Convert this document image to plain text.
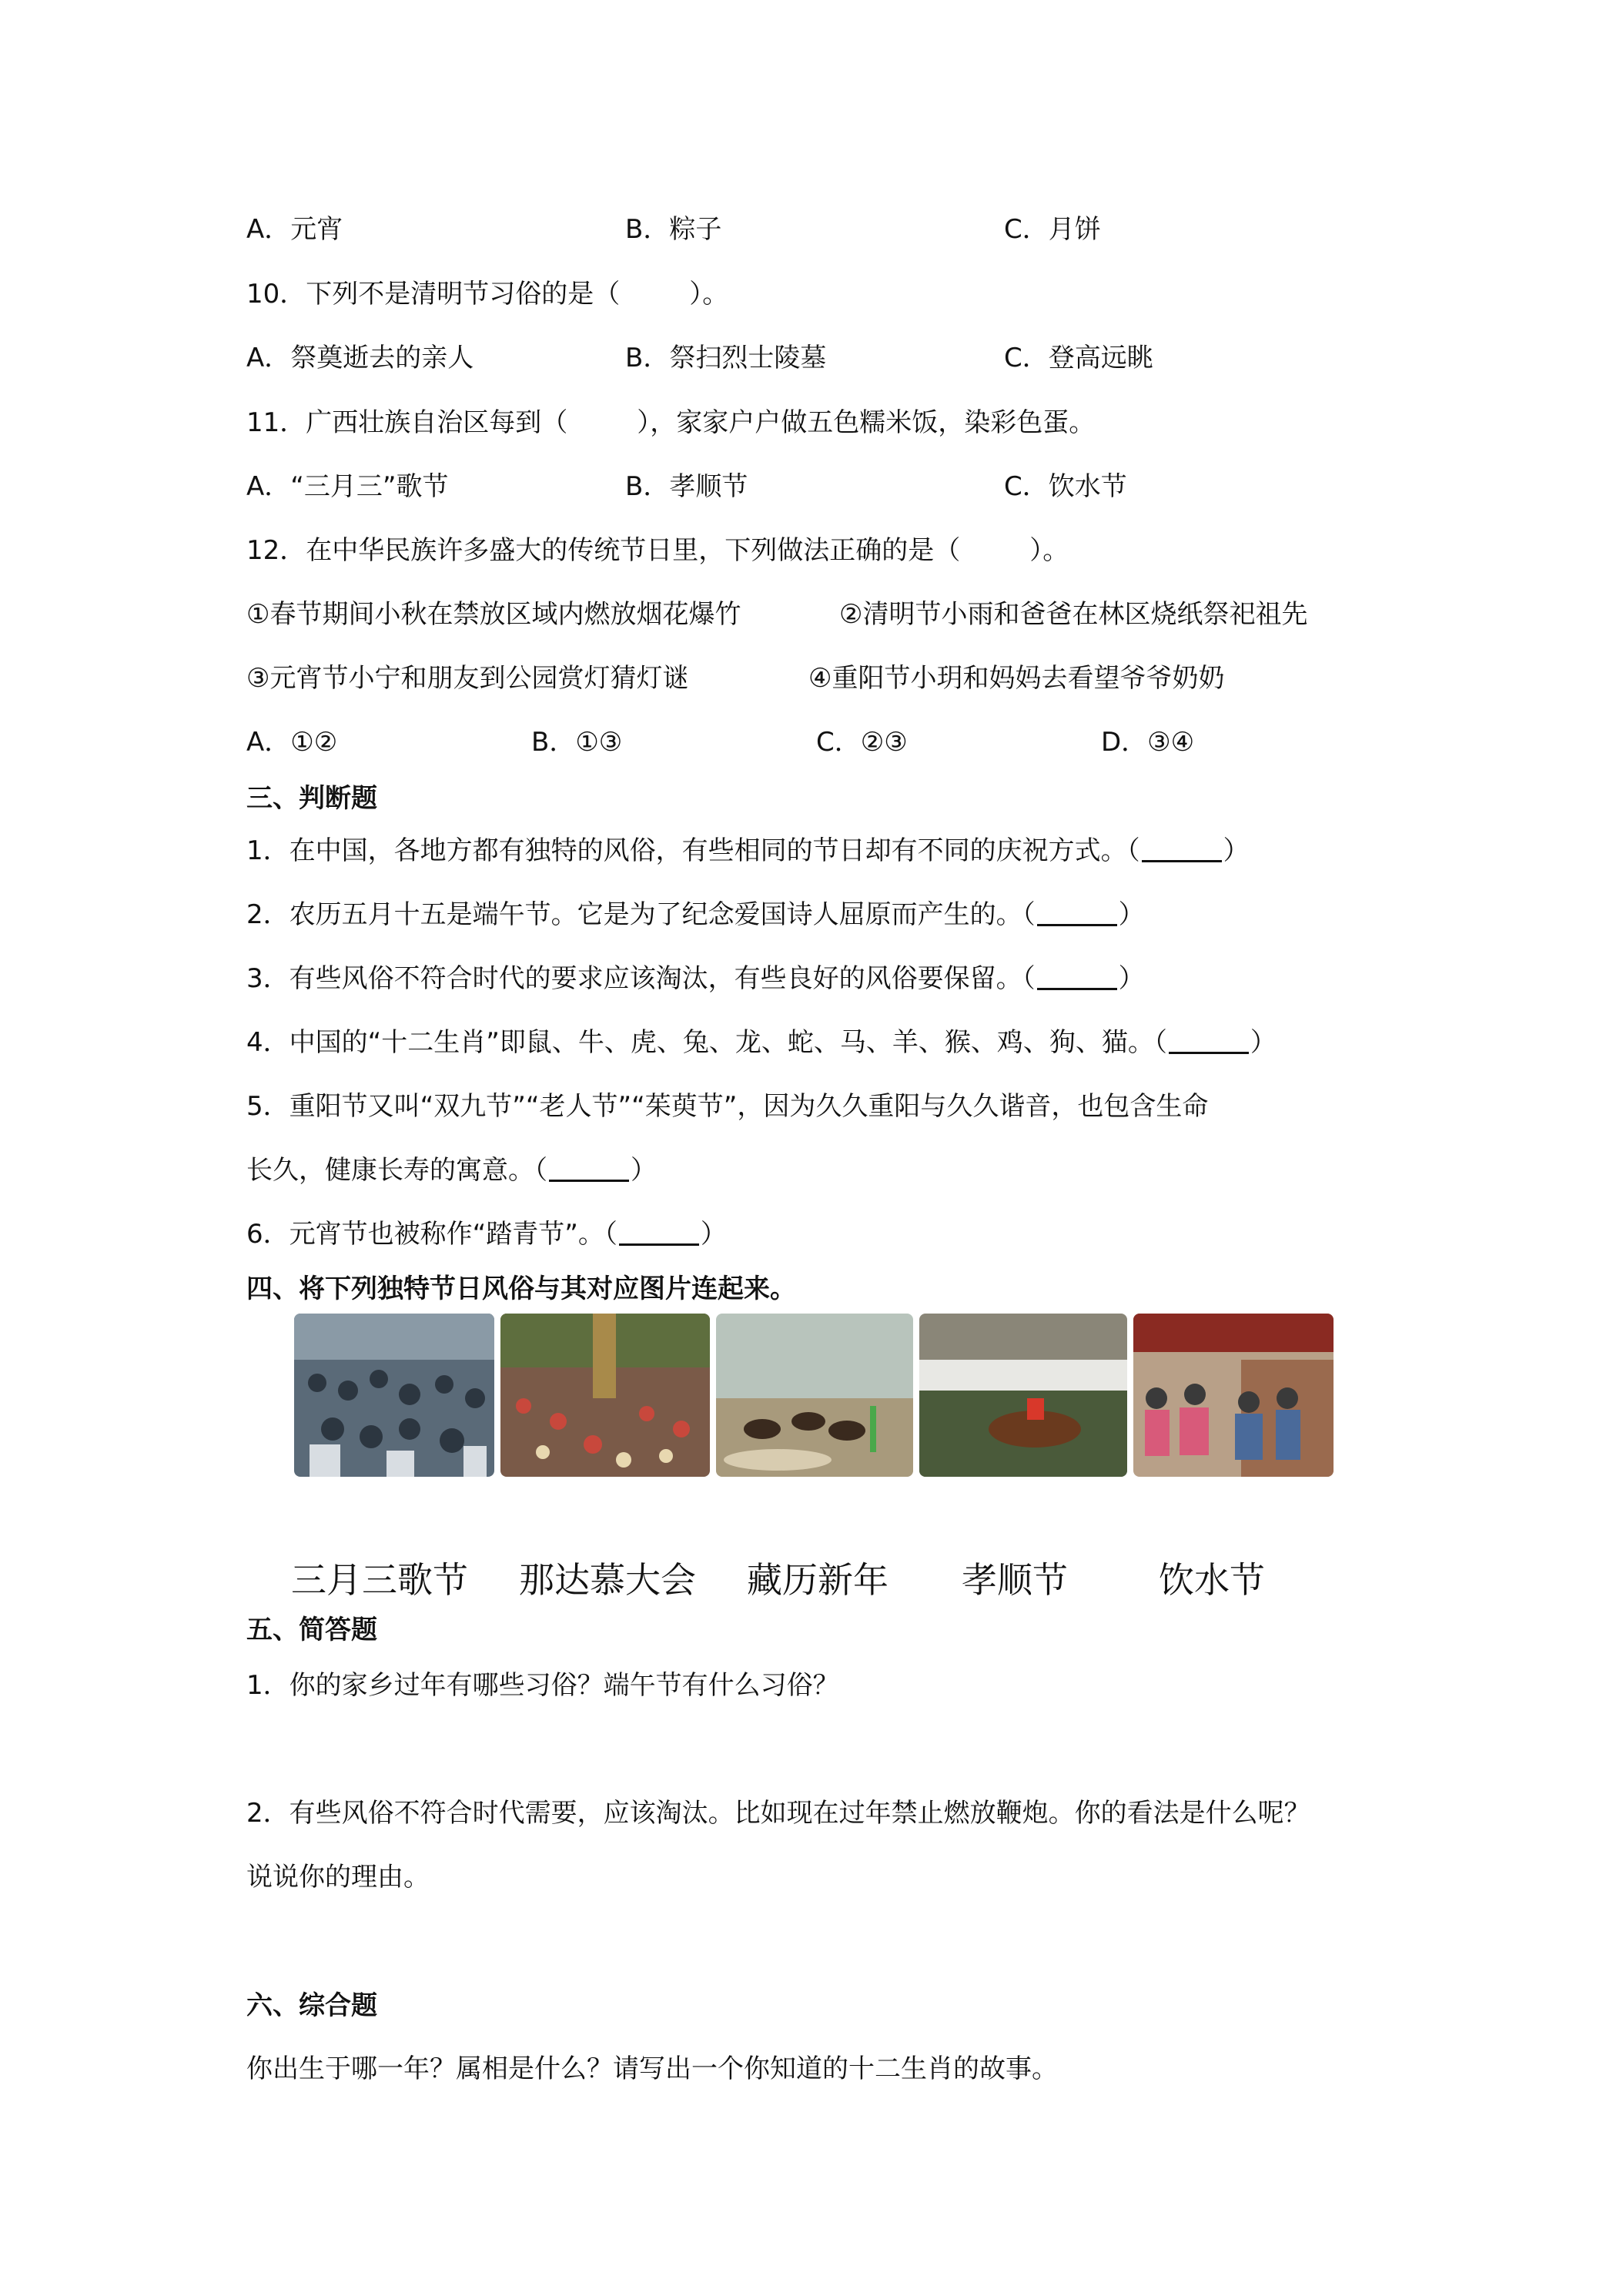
A．元宵	B．粽子	C．月饼
10．下列不是清明节习俗的是（	）。
A．祭奠逝去的亲人	B．祭扫烈士陵墓	C．登高远眺
11．广西壮族自治区每到（	），家家户户做五色糯米饭，染彩色蛋。
A．“三月三”歌节	B．孝顺节	C．饮水节
12．在中华民族许多盛大的传统节日里，下列做法正确的是（	）。
①春节期间小秋在禁放区域内燃放烟花爆竹	②清明节小雨和爸爸在林区烧纸祭祀祖先
③元宵节小宁和朋友到公园赏灯猜灯谜	④重阳节小玥和妈妈去看望爷爷奶奶
A．①②	B．①③	C．②③	D．③④
三、判断题
1．在中国，各地方都有独特的风俗，有些相同的节日却有不同的庆祝方式。（	）
2．农历五月十五是端午节。它是为了纪念爱国诗人屈原而产生的。（	）
3．有些风俗不符合时代的要求应该淘汰，有些良好的风俗要保留。（	）
4．中国的“十二生肖”即鼠、牛、虎、兔、龙、蛇、马、羊、猴、鸡、狗、猫。（	）
5．重阳节又叫“双九节”“老人节”“茱萸节”，因为久久重阳与久久谐音，也包含生命
长久，健康长寿的寓意。（	）
6．元宵节也被称作“踏青节”。（	）
四、将下列独特节日风俗与其对应图片连起来。
三月三歌节 那达慕大会 藏历新年 孝顺节	饮水节
五、简答题
1．你的家乡过年有哪些习俗？端午节有什么习俗？
2．有些风俗不符合时代需要，应该淘汰。比如现在过年禁止燃放鞭炮。你的看法是什么呢？
说说你的理由。
六、综合题
你出生于哪一年？属相是什么？请写出一个你知道的十二生肖的故事。
